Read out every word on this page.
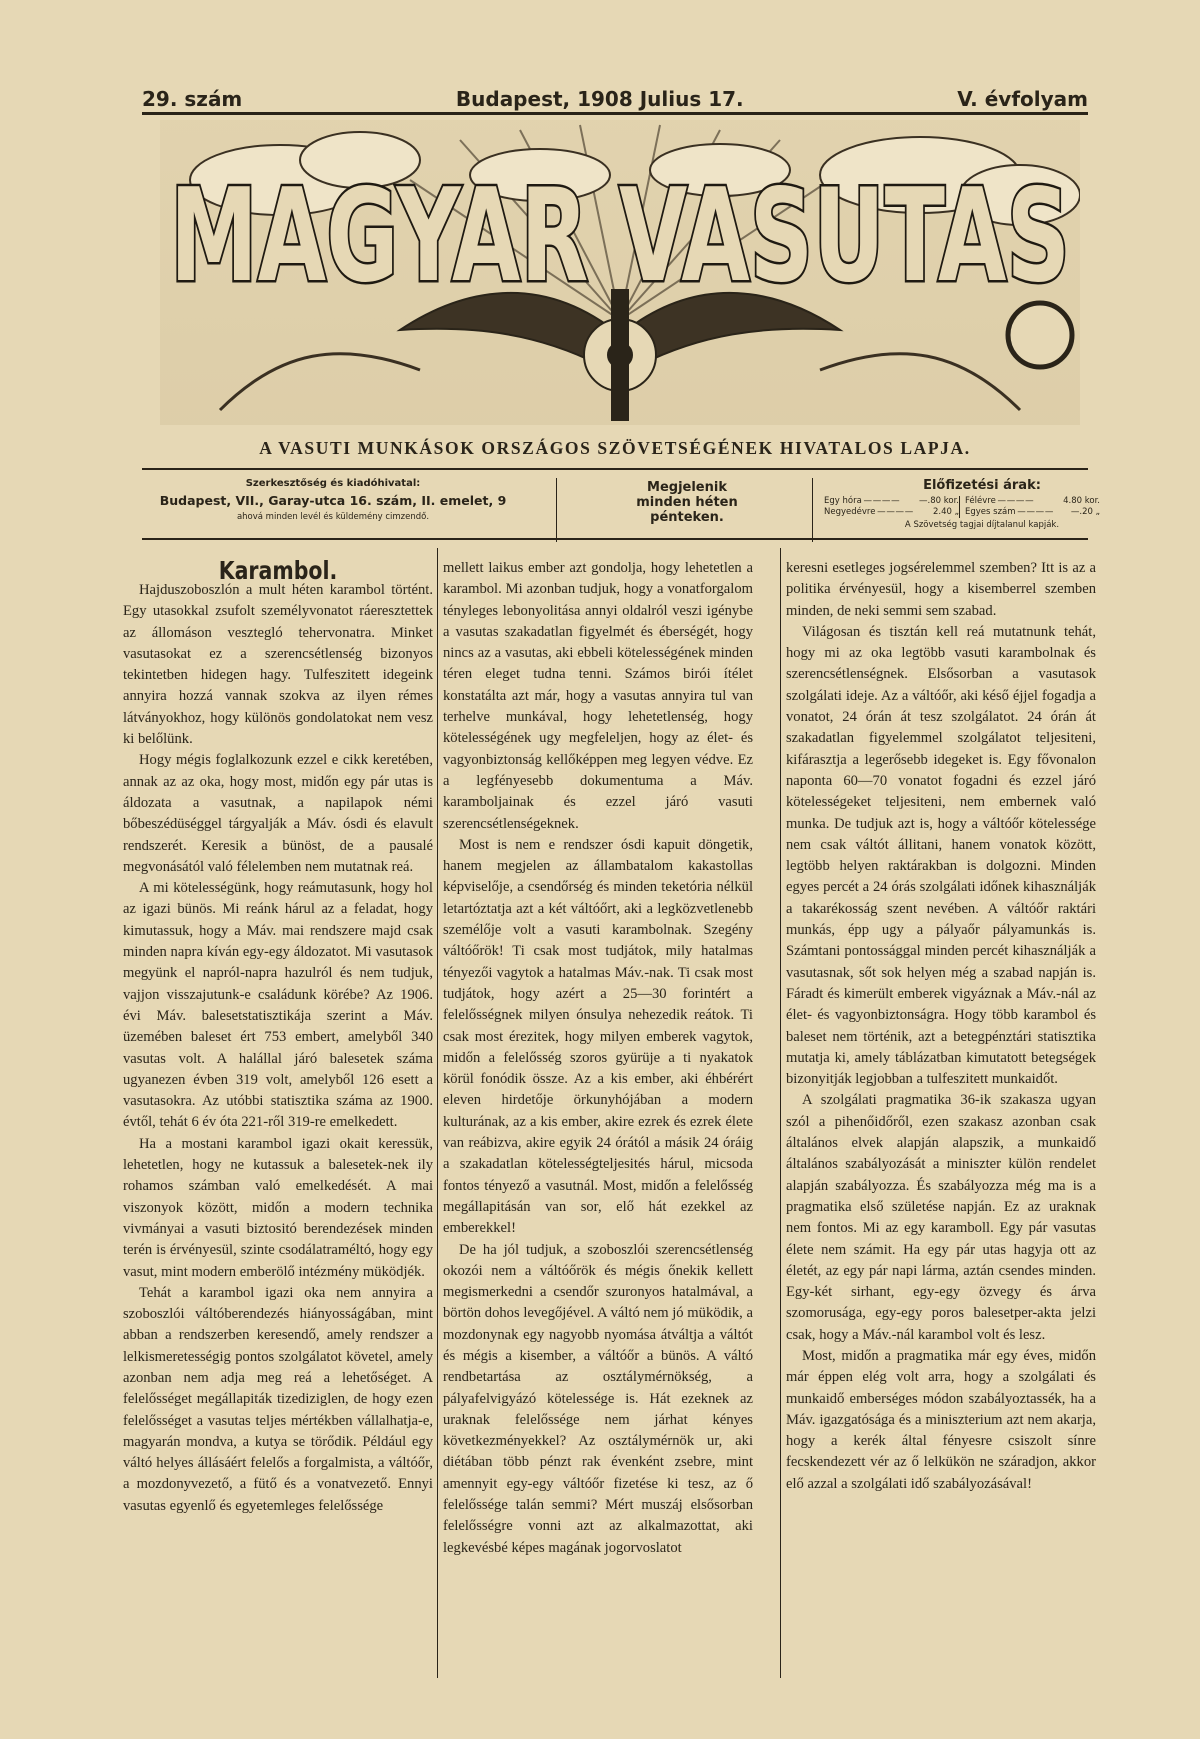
29. szám	Budapest, 1908 Julius 17.	V. évfolyam
MAGYAR VASUTAS
A VASUTI MUNKÁSOK ORSZÁGOS SZÖVETSÉGÉNEK HIVATALOS LAPJA.
Szerkesztőség és kiadóhivatal:
Budapest, VII., Garay-utca 16. szám, II. emelet, 9
ahová minden levél és küldemény cimzendő.
Megjelenik
minden héten
pénteken.
Előfizetési árak:
Egy hóra — — — —	—.80 kor.
Negyedévre — — — —	2.40 „
Félévre — — — —	4.80 kor.
Egyes szám — — — —	—.20 „
A Szövetség tagjai díjtalanul kapják.
Karambol.

Hajduszoboszlón a mult héten karambol történt. Egy utasokkal zsufolt személyvonatot ráeresztettek az állomáson vesztegló tehervonatra. Minket vasutasokat ez a szerencsétlenség bizonyos tekintetben hidegen hagy. Tulfeszitett idegeink annyira hozzá vannak szokva az ilyen rémes látványokhoz, hogy különös gondolatokat nem vesz ki belőlünk.

Hogy mégis foglalkozunk ezzel e cikk keretében, annak az az oka, hogy most, midőn egy pár utas is áldozata a vasutnak, a napilapok némi bőbeszédüséggel tárgyalják a Máv. ósdi és elavult rendszerét. Keresik a bünöst, de a pausalé megvonásától való félelemben nem mutatnak reá.

A mi kötelességünk, hogy reámutasunk, hogy hol az igazi bünös. Mi reánk hárul az a feladat, hogy kimutassuk, hogy a Máv. mai rendszere majd csak minden napra kíván egy-egy áldozatot. Mi vasutasok megyünk el napról-napra hazulról és nem tudjuk, vajjon visszajutunk-e családunk körébe? Az 1906. évi Máv. balesetstatisztikája szerint a Máv. üzemében baleset ért 753 embert, amelyből 340 vasutas volt. A halállal járó balesetek száma ugyanezen évben 319 volt, amelyből 126 esett a vasutasokra. Az utóbbi statisztika száma az 1900. évtől, tehát 6 év óta 221-ről 319-re emelkedett.

Ha a mostani karambol igazi okait keressük, lehetetlen, hogy ne kutassuk a balesetek-nek ily rohamos számban való emelkedését. A mai viszonyok között, midőn a modern technika vivmányai a vasuti biztositó berendezések minden terén is érvényesül, szinte csodálatraméltó, hogy egy vasut, mint modern emberölő intézmény müködjék.

Tehát a karambol igazi oka nem annyira a szoboszlói váltóberendezés hiányosságában, mint abban a rendszerben keresendő, amely rendszer a lelkismeretességig pontos szolgálatot követel, amely azonban nem adja meg reá a lehetőséget. A felelősséget megállapiták tizediziglen, de hogy ezen felelősséget a vasutas teljes mértékben vállalhatja-e, magyarán mondva, a kutya se törődik. Például egy váltó helyes állásáért felelős a forgalmista, a váltóőr, a mozdonyvezető, a fütő és a vonatvezető. Ennyi vasutas egyenlő és egyetemleges felelőssége

mellett laikus ember azt gondolja, hogy lehetetlen a karambol. Mi azonban tudjuk, hogy a vonatforgalom tényleges lebonyolitása annyi oldalról veszi igénybe a vasutas szakadatlan figyelmét és éberségét, hogy nincs az a vasutas, aki ebbeli kötelességének minden téren eleget tudna tenni. Számos birói ítélet konstatálta azt már, hogy a vasutas annyira tul van terhelve munkával, hogy lehetetlenség, hogy kötelességének ugy megfeleljen, hogy az élet- és vagyonbiztonság kellőképpen meg legyen védve. Ez a legfényesebb dokumentuma a Máv. karamboljainak és ezzel járó vasuti szerencsétlenségeknek.

Most is nem e rendszer ósdi kapuit döngetik, hanem megjelen az állambatalom kakastollas képviselője, a csendőrség és minden teketória nélkül letartóztatja azt a két váltóőrt, aki a legközvetlenebb személője volt a vasuti karambolnak. Szegény váltóőrök! Ti csak most tudjátok, mily hatalmas tényezői vagytok a hatalmas Máv.-nak. Ti csak most tudjátok, hogy azért a 25—30 forintért a felelősségnek milyen ónsulya nehezedik reátok. Ti csak most érezitek, hogy milyen emberek vagytok, midőn a felelősség szoros gyürüje a ti nyakatok körül fonódik össze. Az a kis ember, aki éhbérért eleven hirdetője örkunyhójában a modern kulturának, az a kis ember, akire ezrek és ezrek élete van reábizva, akire egyik 24 órától a másik 24 óráig a szakadatlan kötelességteljesités hárul, micsoda fontos tényező a vasutnál. Most, midőn a felelősség megállapitásán van sor, elő hát ezekkel az emberekkel!

De ha jól tudjuk, a szoboszlói szerencsétlenség okozói nem a váltóőrök és mégis őnekik kellett megismerkedni a csendőr szuronyos hatalmával, a börtön dohos levegőjével. A váltó nem jó müködik, a mozdonynak egy nagyobb nyomása átváltja a váltót és mégis a kisember, a váltóőr a bünös. A váltó rendbetartása az osztálymérnökség, a pályafelvigyázó kötelessége is. Hát ezeknek az uraknak felelőssége nem járhat kényes következményekkel? Az osztálymérnök ur, aki diétában több pénzt rak évenként zsebre, mint amennyit egy-egy váltóőr fizetése ki tesz, az ő felelőssége talán semmi? Mért muszáj elsősorban felelősségre vonni azt az alkalmazottat, aki legkevésbé képes magának jogorvoslatot

keresni esetleges jogsérelemmel szemben? Itt is az a politika érvényesül, hogy a kisemberrel szemben minden, de neki semmi sem szabad.

Világosan és tisztán kell reá mutatnunk tehát, hogy mi az oka legtöbb vasuti karambolnak és szerencsétlenségnek. Elsősorban a vasutasok szolgálati ideje. Az a váltóőr, aki késő éjjel fogadja a vonatot, 24 órán át tesz szolgálatot. 24 órán át szakadatlan figyelemmel szolgálatot teljesiteni, kifárasztja a legerősebb idegeket is. Egy fővonalon naponta 60—70 vonatot fogadni és ezzel járó kötelességeket teljesiteni, nem embernek való munka. De tudjuk azt is, hogy a váltóőr kötelessége nem csak váltót állitani, hanem vonatok között, legtöbb helyen raktárakban is dolgozni. Minden egyes percét a 24 órás szolgálati időnek kihasználják a takarékosság szent nevében. A váltóőr raktári munkás, épp ugy a pályaőr pályamunkás is. Számtani pontossággal minden percét kihasználják a vasutasnak, sőt sok helyen még a szabad napján is. Fáradt és kimerült emberek vigyáznak a Máv.-nál az élet- és vagyonbiztonságra. Hogy több karambol és baleset nem történik, azt a betegpénztári statisztika mutatja ki, amely táblázatban kimutatott betegségek bizonyitják legjobban a tulfeszitett munkaidőt.

A szolgálati pragmatika 36-ik szakasza ugyan szól a pihenőidőről, ezen szakasz azonban csak általános elvek alapján alapszik, a munkaidő általános szabályozását a miniszter külön rendelet alapján szabályozza. És szabályozza még ma is a pragmatika első születése napján. Ez az uraknak nem fontos. Mi az egy karamboll. Egy pár vasutas élete nem számit. Ha egy pár utas hagyja ott az életét, az egy pár napi lárma, aztán csendes minden. Egy-két sirhant, egy-egy özvegy és árva szomorusága, egy-egy poros balesetper-akta jelzi csak, hogy a Máv.-nál karambol volt és lesz.

Most, midőn a pragmatika már egy éves, midőn már éppen elég volt arra, hogy a szolgálati és munkaidő emberséges módon szabályoztassék, ha a Máv. igazgatósága és a miniszterium azt nem akarja, hogy a kerék által fényesre csiszolt sínre fecskendezett vér az ő lelkükön ne száradjon, akkor elő azzal a szolgálati idő szabályozásával!
